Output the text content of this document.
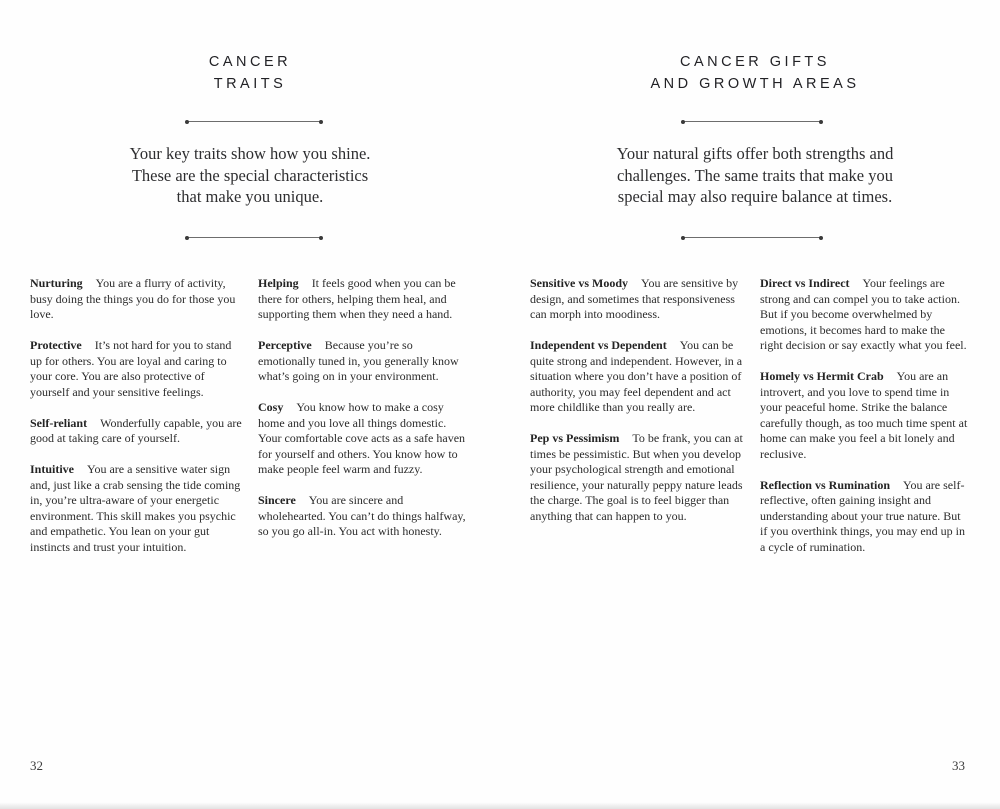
CANCER
TRAITS
Your key traits show how you shine.
These are the special characteristics
that make you unique.

Nurturing You are a flurry of activity, busy doing the things you do for those you love.

Protective It’s not hard for you to stand up for others. You are loyal and caring to your core. You are also protective of yourself and your sensitive feelings.

Self-reliant Wonderfully capable, you are good at taking care of yourself.

Intuitive You are a sensitive water sign and, just like a crab sensing the tide coming in, you’re ultra-aware of your energetic environment. This skill makes you psychic and empathetic. You lean on your gut instincts and trust your intuition.

Helping It feels good when you can be there for others, helping them heal, and supporting them when they need a hand.

Perceptive Because you’re so emotionally tuned in, you generally know what’s going on in your environment.

Cosy You know how to make a cosy home and you love all things domestic. Your comfortable cove acts as a safe haven for yourself and others. You know how to make people feel warm and fuzzy.

Sincere You are sincere and wholehearted. You can’t do things halfway, so you go all-in. You act with honesty.

32
CANCER GIFTS
AND GROWTH AREAS
Your natural gifts offer both strengths and
challenges. The same traits that make you
special may also require balance at times.

Sensitive vs Moody You are sensitive by design, and sometimes that responsiveness can morph into moodiness.

Independent vs Dependent You can be quite strong and independent. However, in a situation where you don’t have a position of authority, you may feel dependent and act more childlike than you really are.

Pep vs Pessimism To be frank, you can at times be pessimistic. But when you develop your psychological strength and emotional resilience, your naturally peppy nature leads the charge. The goal is to feel bigger than anything that can happen to you.

Direct vs Indirect Your feelings are strong and can compel you to take action. But if you become overwhelmed by emotions, it becomes hard to make the right decision or say exactly what you feel.

Homely vs Hermit Crab You are an introvert, and you love to spend time in your peaceful home. Strike the balance carefully though, as too much time spent at home can make you feel a bit lonely and reclusive.

Reflection vs Rumination You are self-reflective, often gaining insight and understanding about your true nature. But if you overthink things, you may end up in a cycle of rumination.

33
